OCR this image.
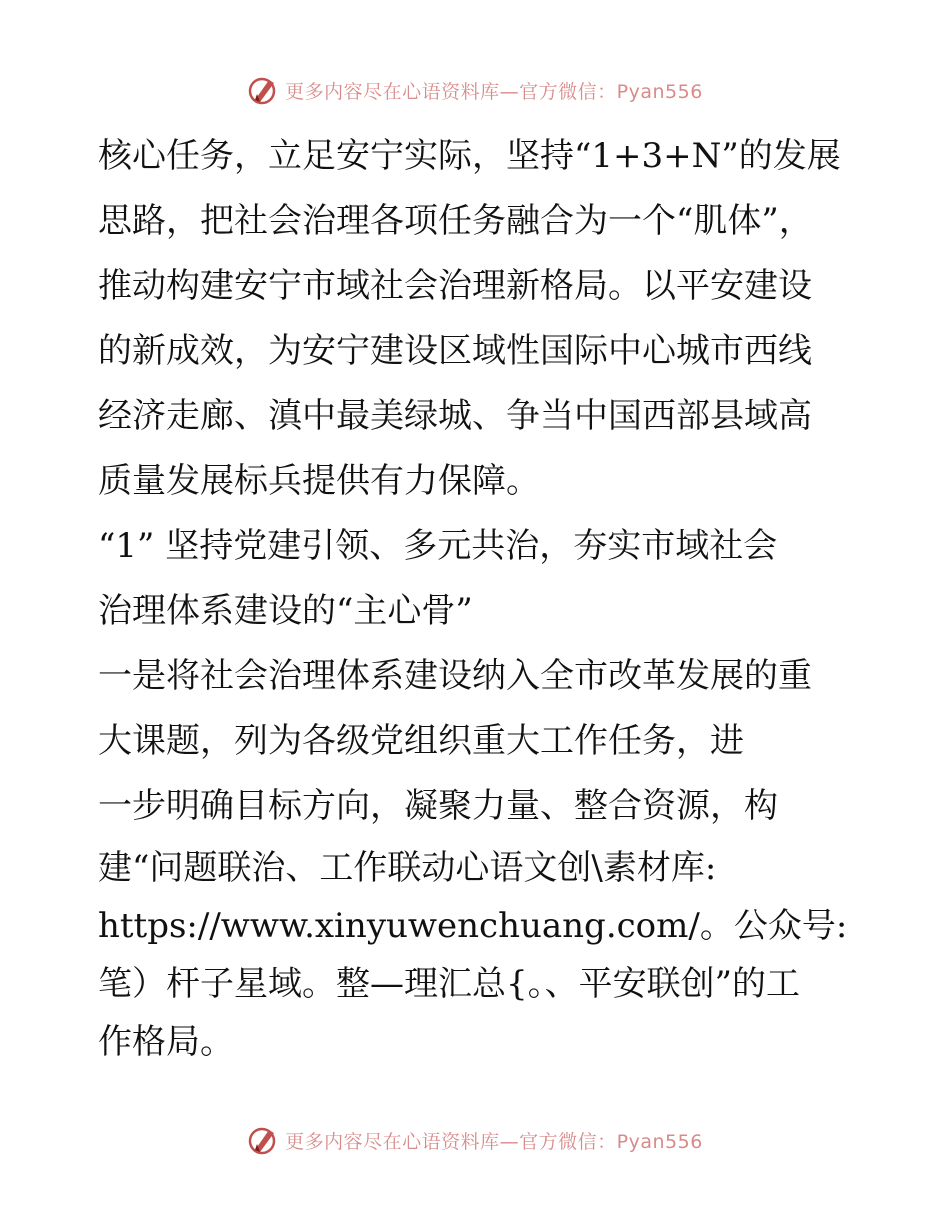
更多内容尽在心语资料库—官方微信：Pyan556

核心任务，立足安宁实际，坚持“1+3+N”的发展

思路，把社会治理各项任务融合为一个“肌体”，

推动构建安宁市域社会治理新格局。以平安建设

的新成效，为安宁建设区域性国际中心城市西线

经济走廊、滇中最美绿城、争当中国西部县域高

质量发展标兵提供有力保障。

“1” 坚持党建引领、多元共治，夯实市域社会

治理体系建设的“主心骨”

一是将社会治理体系建设纳入全市改革发展的重

大课题，列为各级党组织重大工作任务，进

一步明确目标方向，凝聚力量、整合资源，构

建“问题联治、工作联动心语文创\素材库:

https://www.xinyuwenchuang.com/。公众号:

笔）杆子星域。整—理汇总{。、平安联创”的工

作格局。

更多内容尽在心语资料库—官方微信：Pyan556
